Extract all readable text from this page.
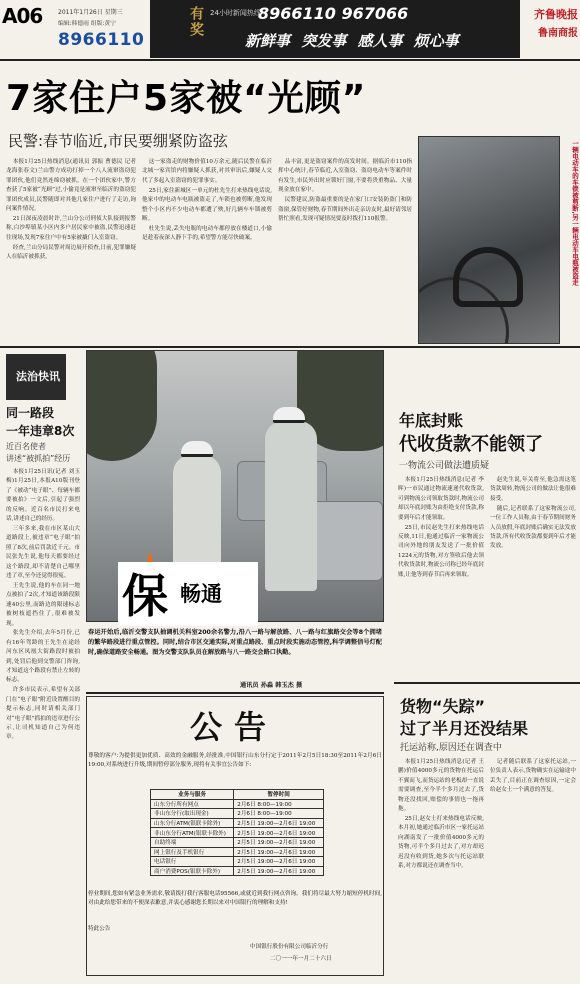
A06	2011年1月26日 星期三
编辑:韩德雨 组版:黄宁
8966110
有奖 24小时新闻热线
8966110 967066
新鲜事 突发事 感人事 烦心事
齐鲁晚报
鲁南商报
7家住户5家被“光顾”
民警:春节临近,市民要绷紧防盗弦

本报1月25日热线消息(通讯员 郭振 曹德民 记者 龙海张春文)兰山警方成功打掉一个八人流窜盗窃犯罪团伙,他们竟然连绵窃被抓。在一个团伙家中,警方查获了5家被“光顾”过,小偷竟是流窜至临沂的盗窃犯罪团伙成员,民警随即对其他几家住户进行了走访,询问案件情况。

21日深夜凌晨时许,兰山分公司刑侦大队接到报警称,白沙埠镇某小区内多户居民家中被盗,民警迅速赶往现场,发现7家住户中有5家被撬门入室盗窃。

经查,兰山分局民警对周边展开侦查,日前,犯罪嫌疑人在临沂被抓获。

这一家盗走的财物价值10万余元,随后民警在临沂北城一家宾馆内将嫌疑人抓获,对其审讯后,嫌疑人交代了多起入室盗窃的犯罪事实。

25日,家住新城区一单元的杜先生打来热线电话说,他家中的电动车电瓶被盗走了,车锁也被剪断,他发现整个小区内不少电动车都遭了殃,好几辆车车锁被剪断。

杜先生说,丢失电瓶的电动车都停放在楼道口,小偷是趁着夜深人静下手的,希望警方能尽快破案。

品丰富,更是盗窃案件的高发时间。据临沂市110指挥中心统计,春节临近,入室盗窃、盗窃电动车等案件时有发生,市民外出时应锁好门窗,不要将贵重物品、大量现金放在家中。

民警建议,防盗最重要的是在家门口安装防盗门和防盗窗,保管好财物,春节期间外出走亲访友时,最好请邻居帮忙照看,发现可疑情况要及时拨打110报警。	一辆电动车的车锁被剪断,另一辆电动车电瓶被盗走
法治快讯
同一路段
一年违章8次
近百名使者
讲述“被抓拍”经历

本报1月25日讯(记者 刘玉梅)1月25日,本报A10版刊登了《被动“电子眼”、每辆车都要被拍》一文后,引起了强烈的反响。近百名市民打来电话,讲述自己的经历。

三年多来,我在市区某山大道路段上,被违章“电子眼”拍照了8次,前后罚款近千元。市民张先生说,他每天都要经过这个路段,却不清楚自己哪里违了章,至今还觉得很冤。

王先生说,他的车在同一地点被拍了2次,才知道该路段限速40公里,而路边的限速标志被树枝遮挡住了,很难被发现。

张先生介绍,去年5月份,已有16年驾龄的王先生在途经河东区凤凰大街路段时被拍到,处罚后他到交警部门咨询,才知道这个路段有禁止左转的标志。

许多市民表示,希望有关部门在“电子眼”附近设置醒目的提示标志,同时请相关部门对“电子眼”抓拍的违章进行公示,让司机知道自己为何违章。

保 畅通
春运开始后,临沂交警支队抽调机关科室200余名警力,沿八一路与解放路、八一路与红旗路交会等8个拥堵的繁华路段进行重点管控。同时,结合市区交通实际,对重点路段、重点时段实施动态管控,科学调整信号灯配时,确保道路安全畅通。图为交警支队队员在解放路与八一路交会路口执勤。
通讯员 孙淼 韩玉杰 摄
年底封账
代收货款不能领了
一物流公司做法遭质疑

本报1月25日热线消息(记者 李晖)一市民通过物流速递代收货款,可到物流公司领取货款时,物流公司却以年底封账为由拒绝支付货款,称要到年后才能领取。

25日,市民赵先生打来热线电话反映,11日,他通过临沂一家物流公司向外地的朋友发送了一批价值1224元的货物,对方签收后他去领代收货款时,物流公司称已经年底封账,让他等到春节后再来领取。

赵先生说,年关将至,他急需这笔货款周转,物流公司的做法让他很难接受。

随后,记者联系了这家物流公司,一位工作人员称,由于春节期间财务人员放假,年底封账后确实无法发放货款,所有代收货款都要到年后才能发放。

货物“失踪”
过了半月还没结果
托运站称,原因还在调查中

本报1月25日热线消息(记者 王鹏)价值4000多元的货物在托运后不翼而飞,而货运站的老板却一直说需要调查,至今半个多月过去了,货物还没找回,赔偿的事情也一拖再拖。

25日,赵女士打来热线电话反映,本月初,她通过临沂市区一家托运站向湖南发了一批价值4000多元的货物,可半个多月过去了,对方却迟迟没有收到货,她多次与托运站联系,对方都说还在调查当中。

记者随后联系了这家托运站,一位负责人表示,货物确实在运输途中丢失了,目前正在调查原因,一定会给赵女士一个满意的答复。

公告
尊敬的客户:为提供更加优质、高效的金融服务,经批准,中国银行山东分行定于2011年2月5日18:30至2011年2月6日19:00,对系统进行升级,期间暂停部分服务,现将有关事宜公告如下:
业务与服务	暂停时间
山东分行所有网点	2月6日 8:00—19:00
非山东分行(取出现金)	2月6日 8:00—19:00
山东分行ATM(银联卡除外)	2月5日 19:00—2月6日 19:00
非山东分行ATM(银联卡除外)	2月5日 19:00—2月6日 19:00
自助终端	2月5日 19:00—2月6日 19:00
网上银行及手机银行	2月5日 19:00—2月6日 19:00
电话银行	2月5日 19:00—2月6日 19:00
商户消费POS(银联卡除外)	2月5日 19:00—2月6日 19:00
停业期间,您如有紧急业务需求,敬请拨打我行客服电话95566,或就近到我行网点咨询。我们将尽最大努力缩短停机时间,对由此给您带来的不便深表歉意,并衷心感谢您长期以来对中国银行的理解和支持!
特此公告
中国银行股份有限公司临沂分行
二〇一一年一月二十六日
